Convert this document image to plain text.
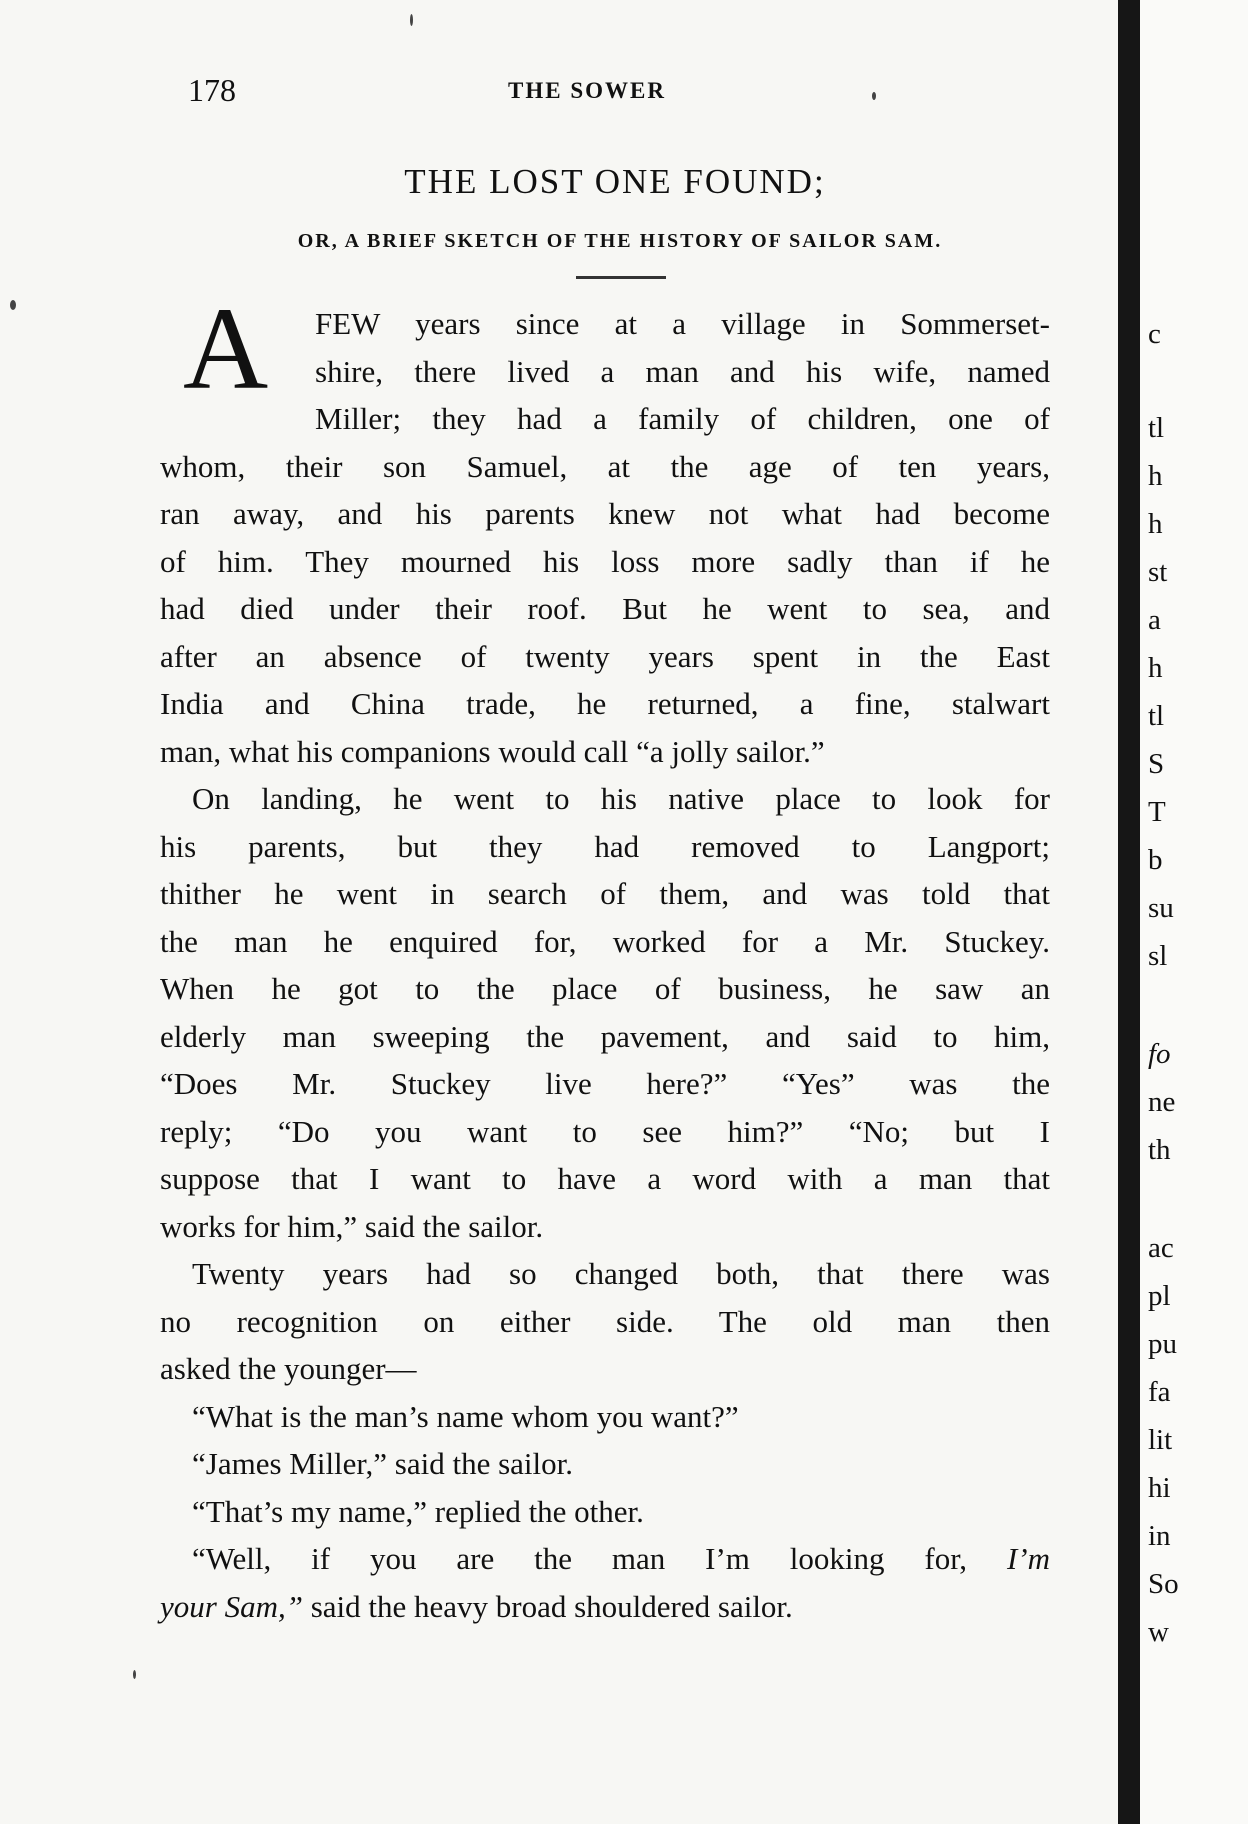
178	THE SOWER
THE LOST ONE FOUND;
OR, A BRIEF SKETCH OF THE HISTORY OF SAILOR SAM.
A	FEW years since at a village in Sommerset-
shire, there lived a man and his wife, named
Miller; they had a family of children, one of
whom, their son Samuel, at the age of ten years,
ran away, and his parents knew not what had become
of him. They mourned his loss more sadly than if he
had died under their roof. But he went to sea, and
after an absence of twenty years spent in the East
India and China trade, he returned, a fine, stalwart
man, what his companions would call “a jolly sailor.”
On landing, he went to his native place to look for
his parents, but they had removed to Langport;
thither he went in search of them, and was told that
the man he enquired for, worked for a Mr. Stuckey.
When he got to the place of business, he saw an
elderly man sweeping the pavement, and said to him,
“Does Mr. Stuckey live here?” “Yes” was the
reply; “Do you want to see him?” “No; but I
suppose that I want to have a word with a man that
works for him,” said the sailor.
Twenty years had so changed both, that there was
no recognition on either side. The old man then
asked the younger—
“What is the man’s name whom you want?”
“James Miller,” said the sailor.
“That’s my name,” replied the other.
“Well, if you are the man I’m looking for, I’m
your Sam,” said the heavy broad shouldered sailor.
c
tl
h
h
st
a
h
tl
S
T
b
su
sl
fo
ne
th
ac
pl
pu
fa
lit
hi
in
So
w
